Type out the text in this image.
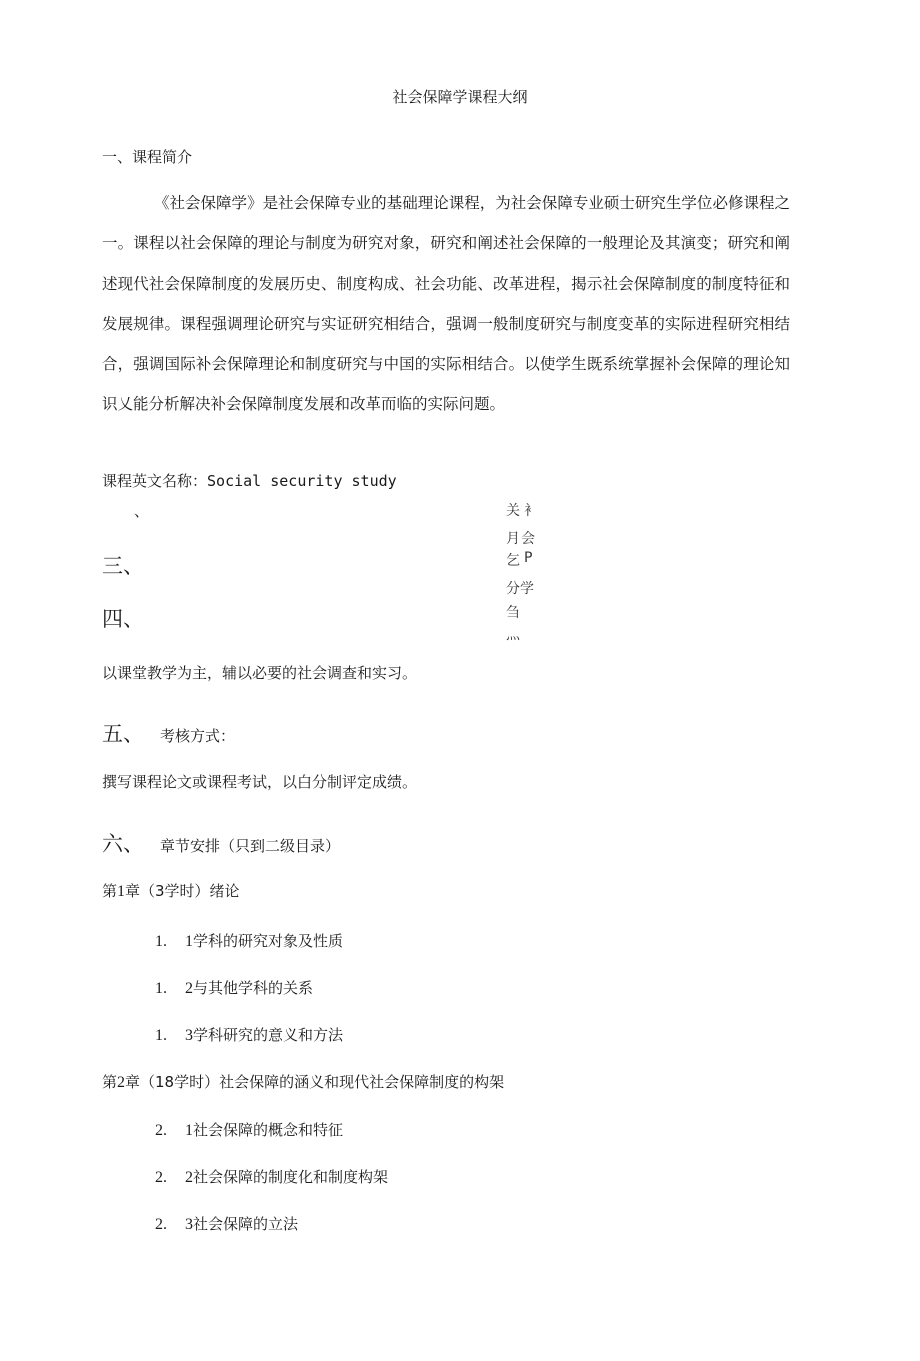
社会保障学课程大纲
一、课程简介
《社会保障学》是社会保障专业的基础理论课程，为社会保障专业硕士研究生学位必修课程之一。课程以社会保障的理论与制度为研究对象，研究和阐述社会保障的一般理论及其演变；研究和阐述现代社会保障制度的发展历史、制度构成、社会功能、改革进程，揭示社会保障制度的制度特征和发展规律。课程强调理论研究与实证研究相结合，强调一般制度研究与制度变革的实际进程研究相结合，强调国际补会保障理论和制度研究与中国的实际相结合。以使学生既系统掌握补会保障的理论知识乂能分析解决补会保障制度发展和改革而临的实际问题。
课程英文名称：Social security study
、
三、
四、
衤
会
P
学
关
月
乞
分
刍
灬
以课堂教学为主，辅以必要的社会调查和实习。
五、 考核方式：
撰写课程论文或课程考试，以白分制评定成绩。
六、 章节安排（只到二级目录）
第1章（3学时）绪论
1. 1学科的研究对象及性质
1. 2与其他学科的关系
1. 3学科研究的意义和方法
第2章（18学时）社会保障的涵义和现代社会保障制度的构架
2. 1社会保障的概念和特征
2. 2社会保障的制度化和制度构架
2. 3社会保障的立法
